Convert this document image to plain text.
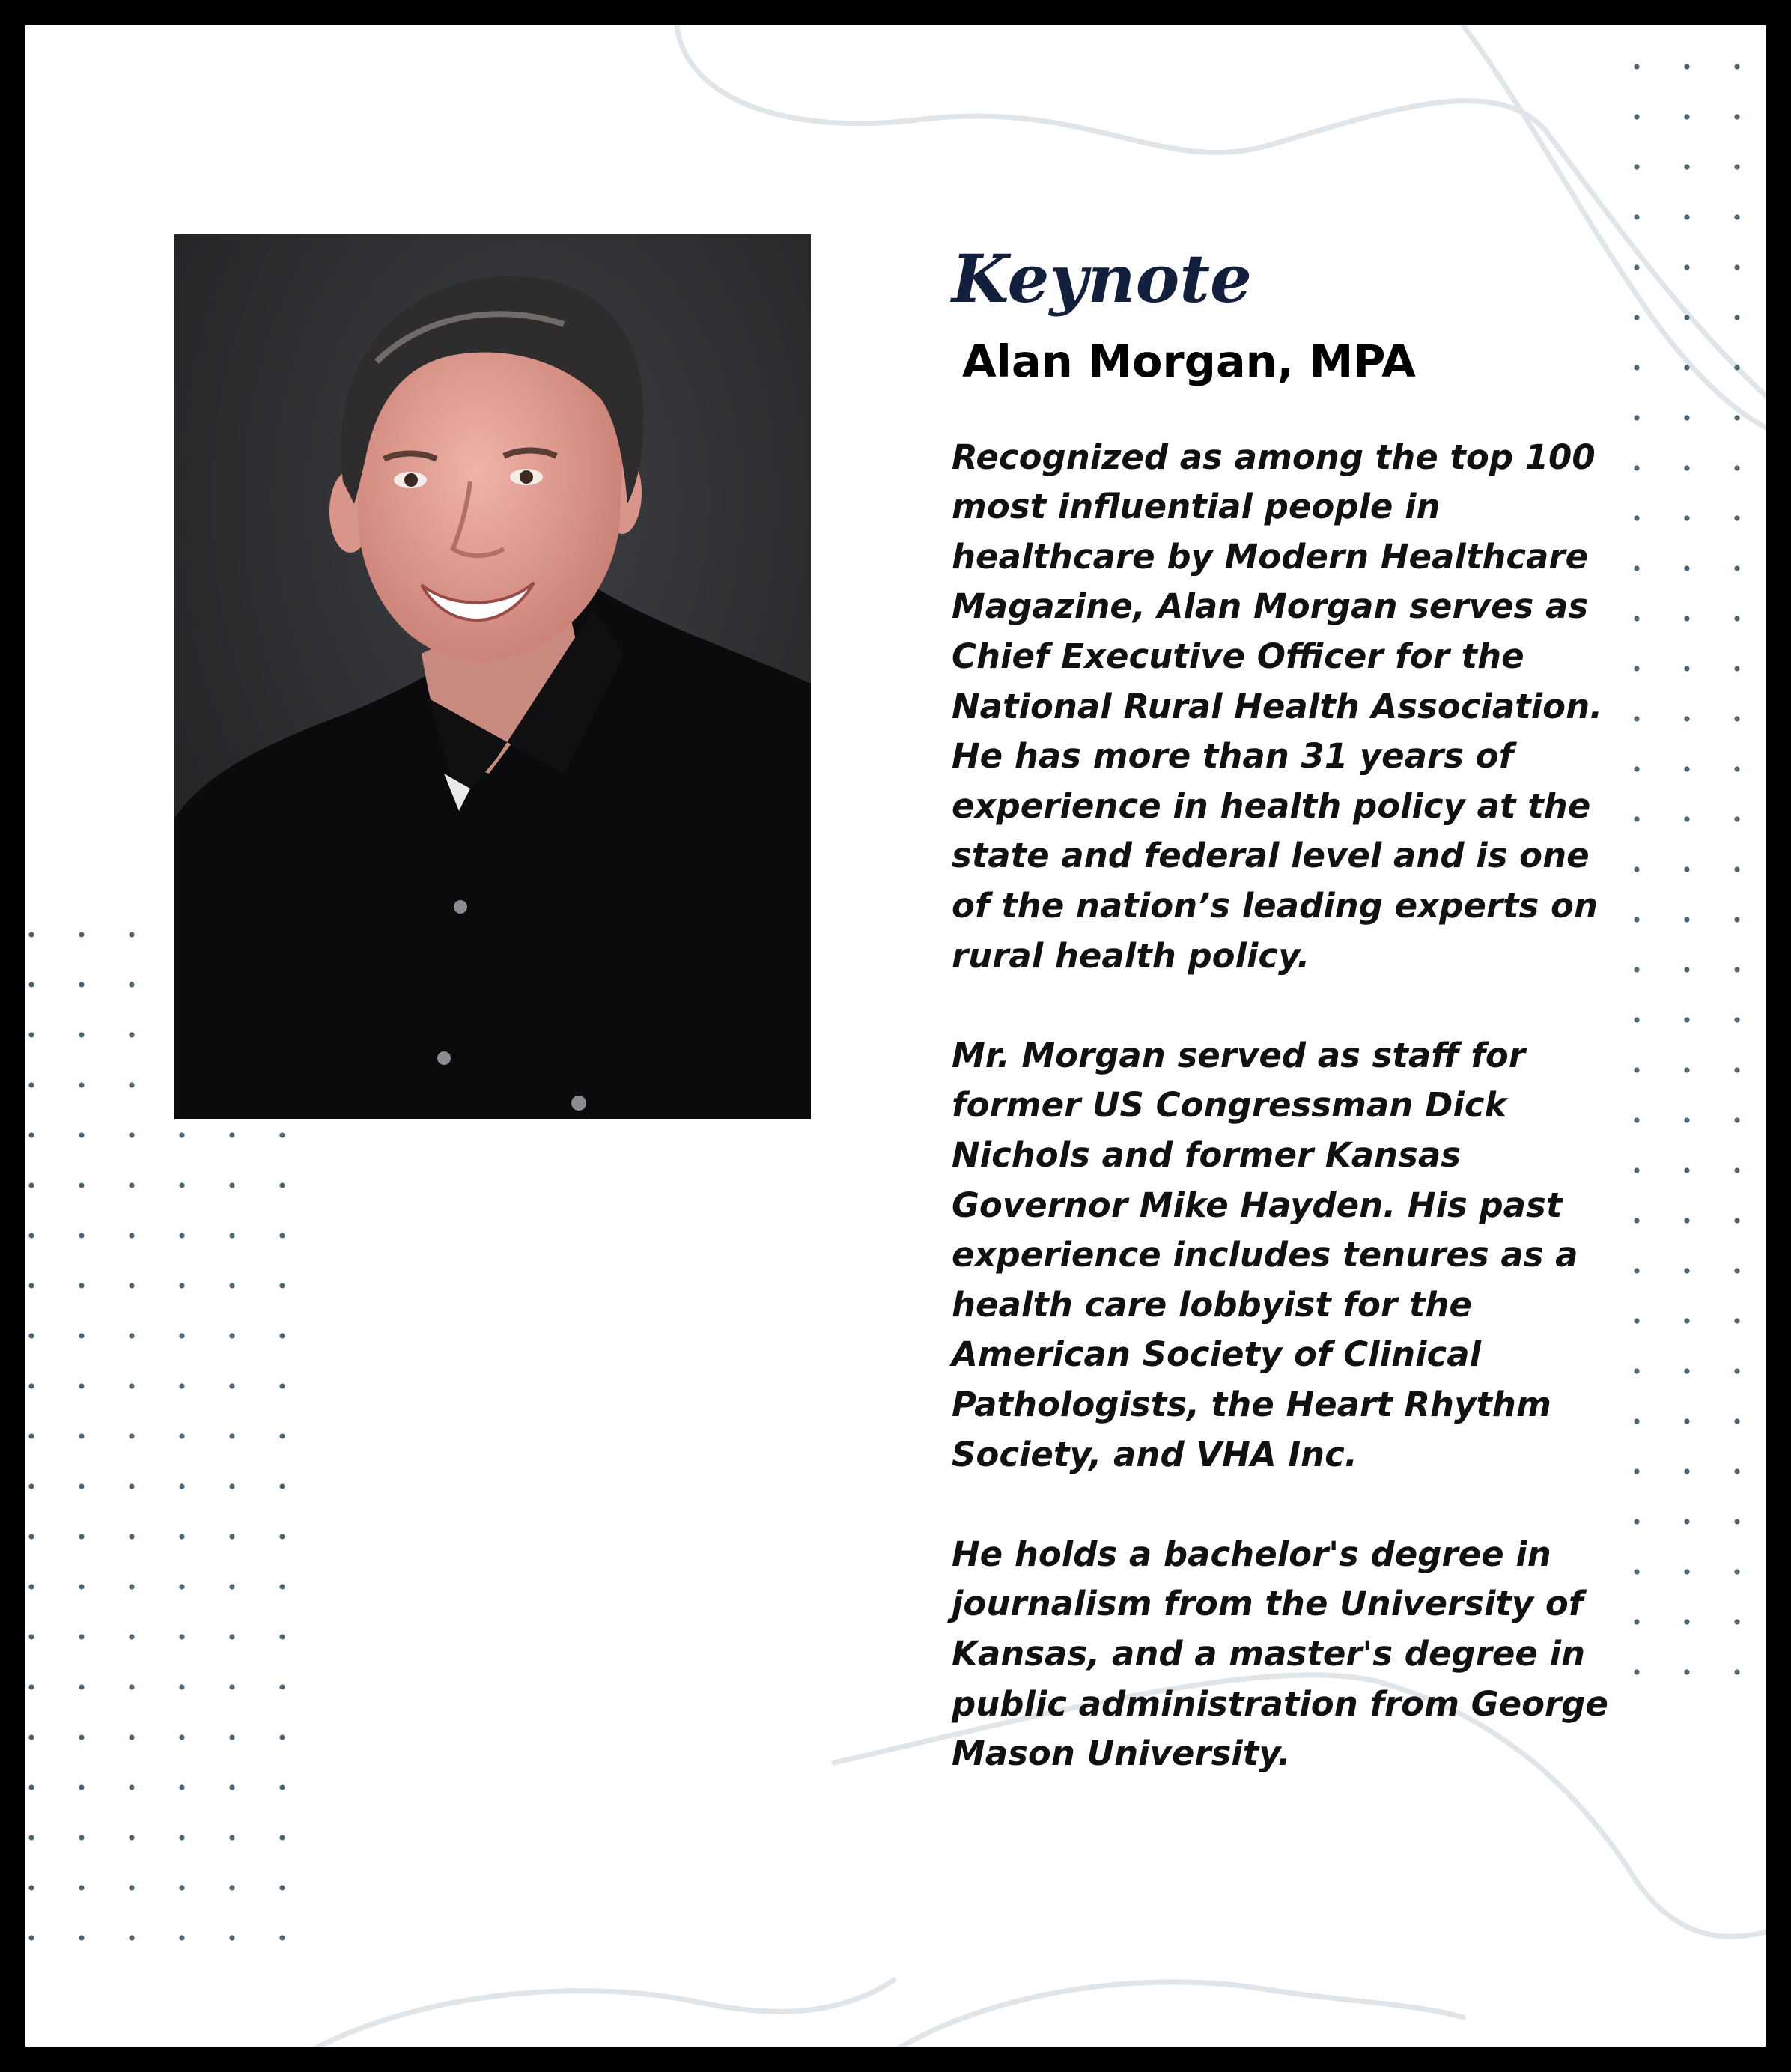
Keynote
Alan Morgan, MPA

Recognized as among the top 100 most influential people in healthcare by Modern Healthcare Magazine, Alan Morgan serves as Chief Executive Officer for the National Rural Health Association. He has more than 31 years of experience in health policy at the state and federal level and is one of the nation’s leading experts on rural health policy.

Mr. Morgan served as staff for former US Congressman Dick Nichols and former Kansas Governor Mike Hayden. His past experience includes tenures as a health care lobbyist for the American Society of Clinical Pathologists, the Heart Rhythm Society, and VHA Inc.

He holds a bachelor's degree in journalism from the University of Kansas, and a master's degree in public administration from George Mason University.
